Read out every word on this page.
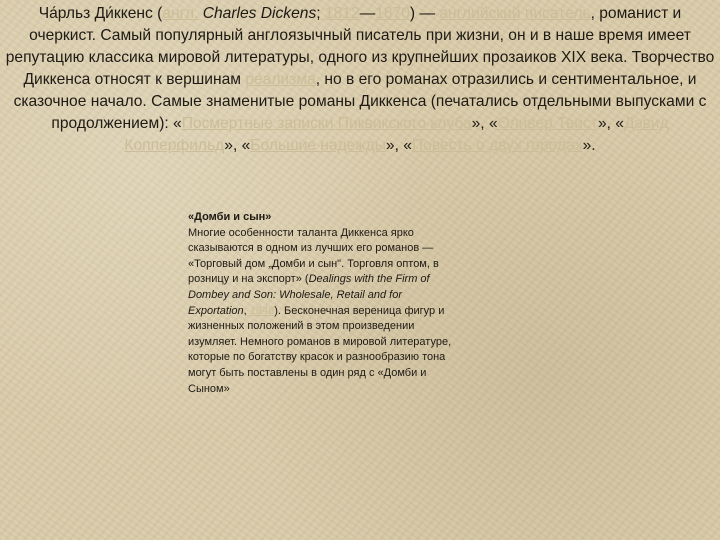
Ча́рльз Ди́ккенс (англ. Charles Dickens; 1812—1870) — английский писатель, романист и очеркист. Самый популярный англоязычный писатель при жизни, он и в наше время имеет репутацию классика мировой литературы, одного из крупнейших прозаиков XIX века. Творчество Диккенса относят к вершинам реализма, но в его романах отразились и сентиментальное, и сказочное начало. Самые знаменитые романы Диккенса (печатались отдельными выпусками с продолжением): «Посмертные записки Пиквикского клуба», «Оливер Твист», «Дэвид Копперфильд», «Большие надежды», «Повесть о двух городах».

«Домби и сын»
Многие особенности таланта Диккенса ярко сказываются в одном из лучших его романов — «Торговый дом „Домби и сын". Торговля оптом, в розницу и на экспорт» (Dealings with the Firm of Dombey and Son: Wholesale, Retail and for Exportation, 1848). Бесконечная вереница фигур и жизненных положений в этом произведении изумляет. Немного романов в мировой литературе, которые по богатству красок и разнообразию тона могут быть поставлены в один ряд с «Домби и Сыном»
